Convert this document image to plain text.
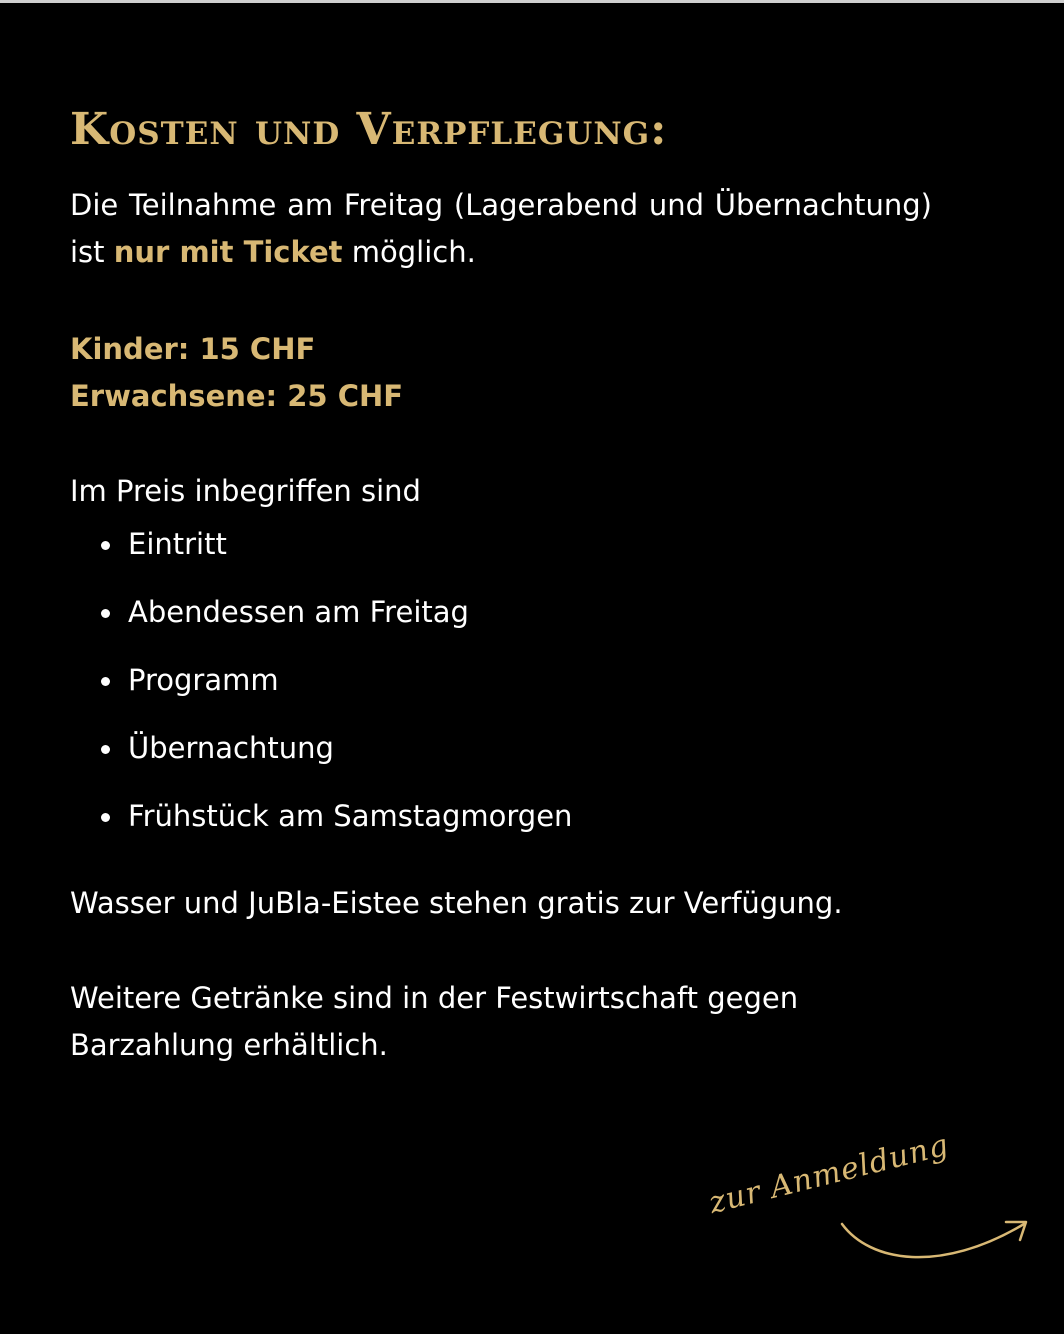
Kosten und Verpflegung:

Die Teilnahme am Freitag (Lagerabend und Übernachtung) ist nur mit Ticket möglich.

Kinder: 15 CHF
Erwachsene: 25 CHF
Im Preis inbegriffen sind
Eintritt
Abendessen am Freitag
Programm
Übernachtung
Frühstück am Samstagmorgen
Wasser und JuBla-Eistee stehen gratis zur Verfügung.
Weitere Getränke sind in der Festwirtschaft gegen Barzahlung erhältlich.
zur Anmeldung
